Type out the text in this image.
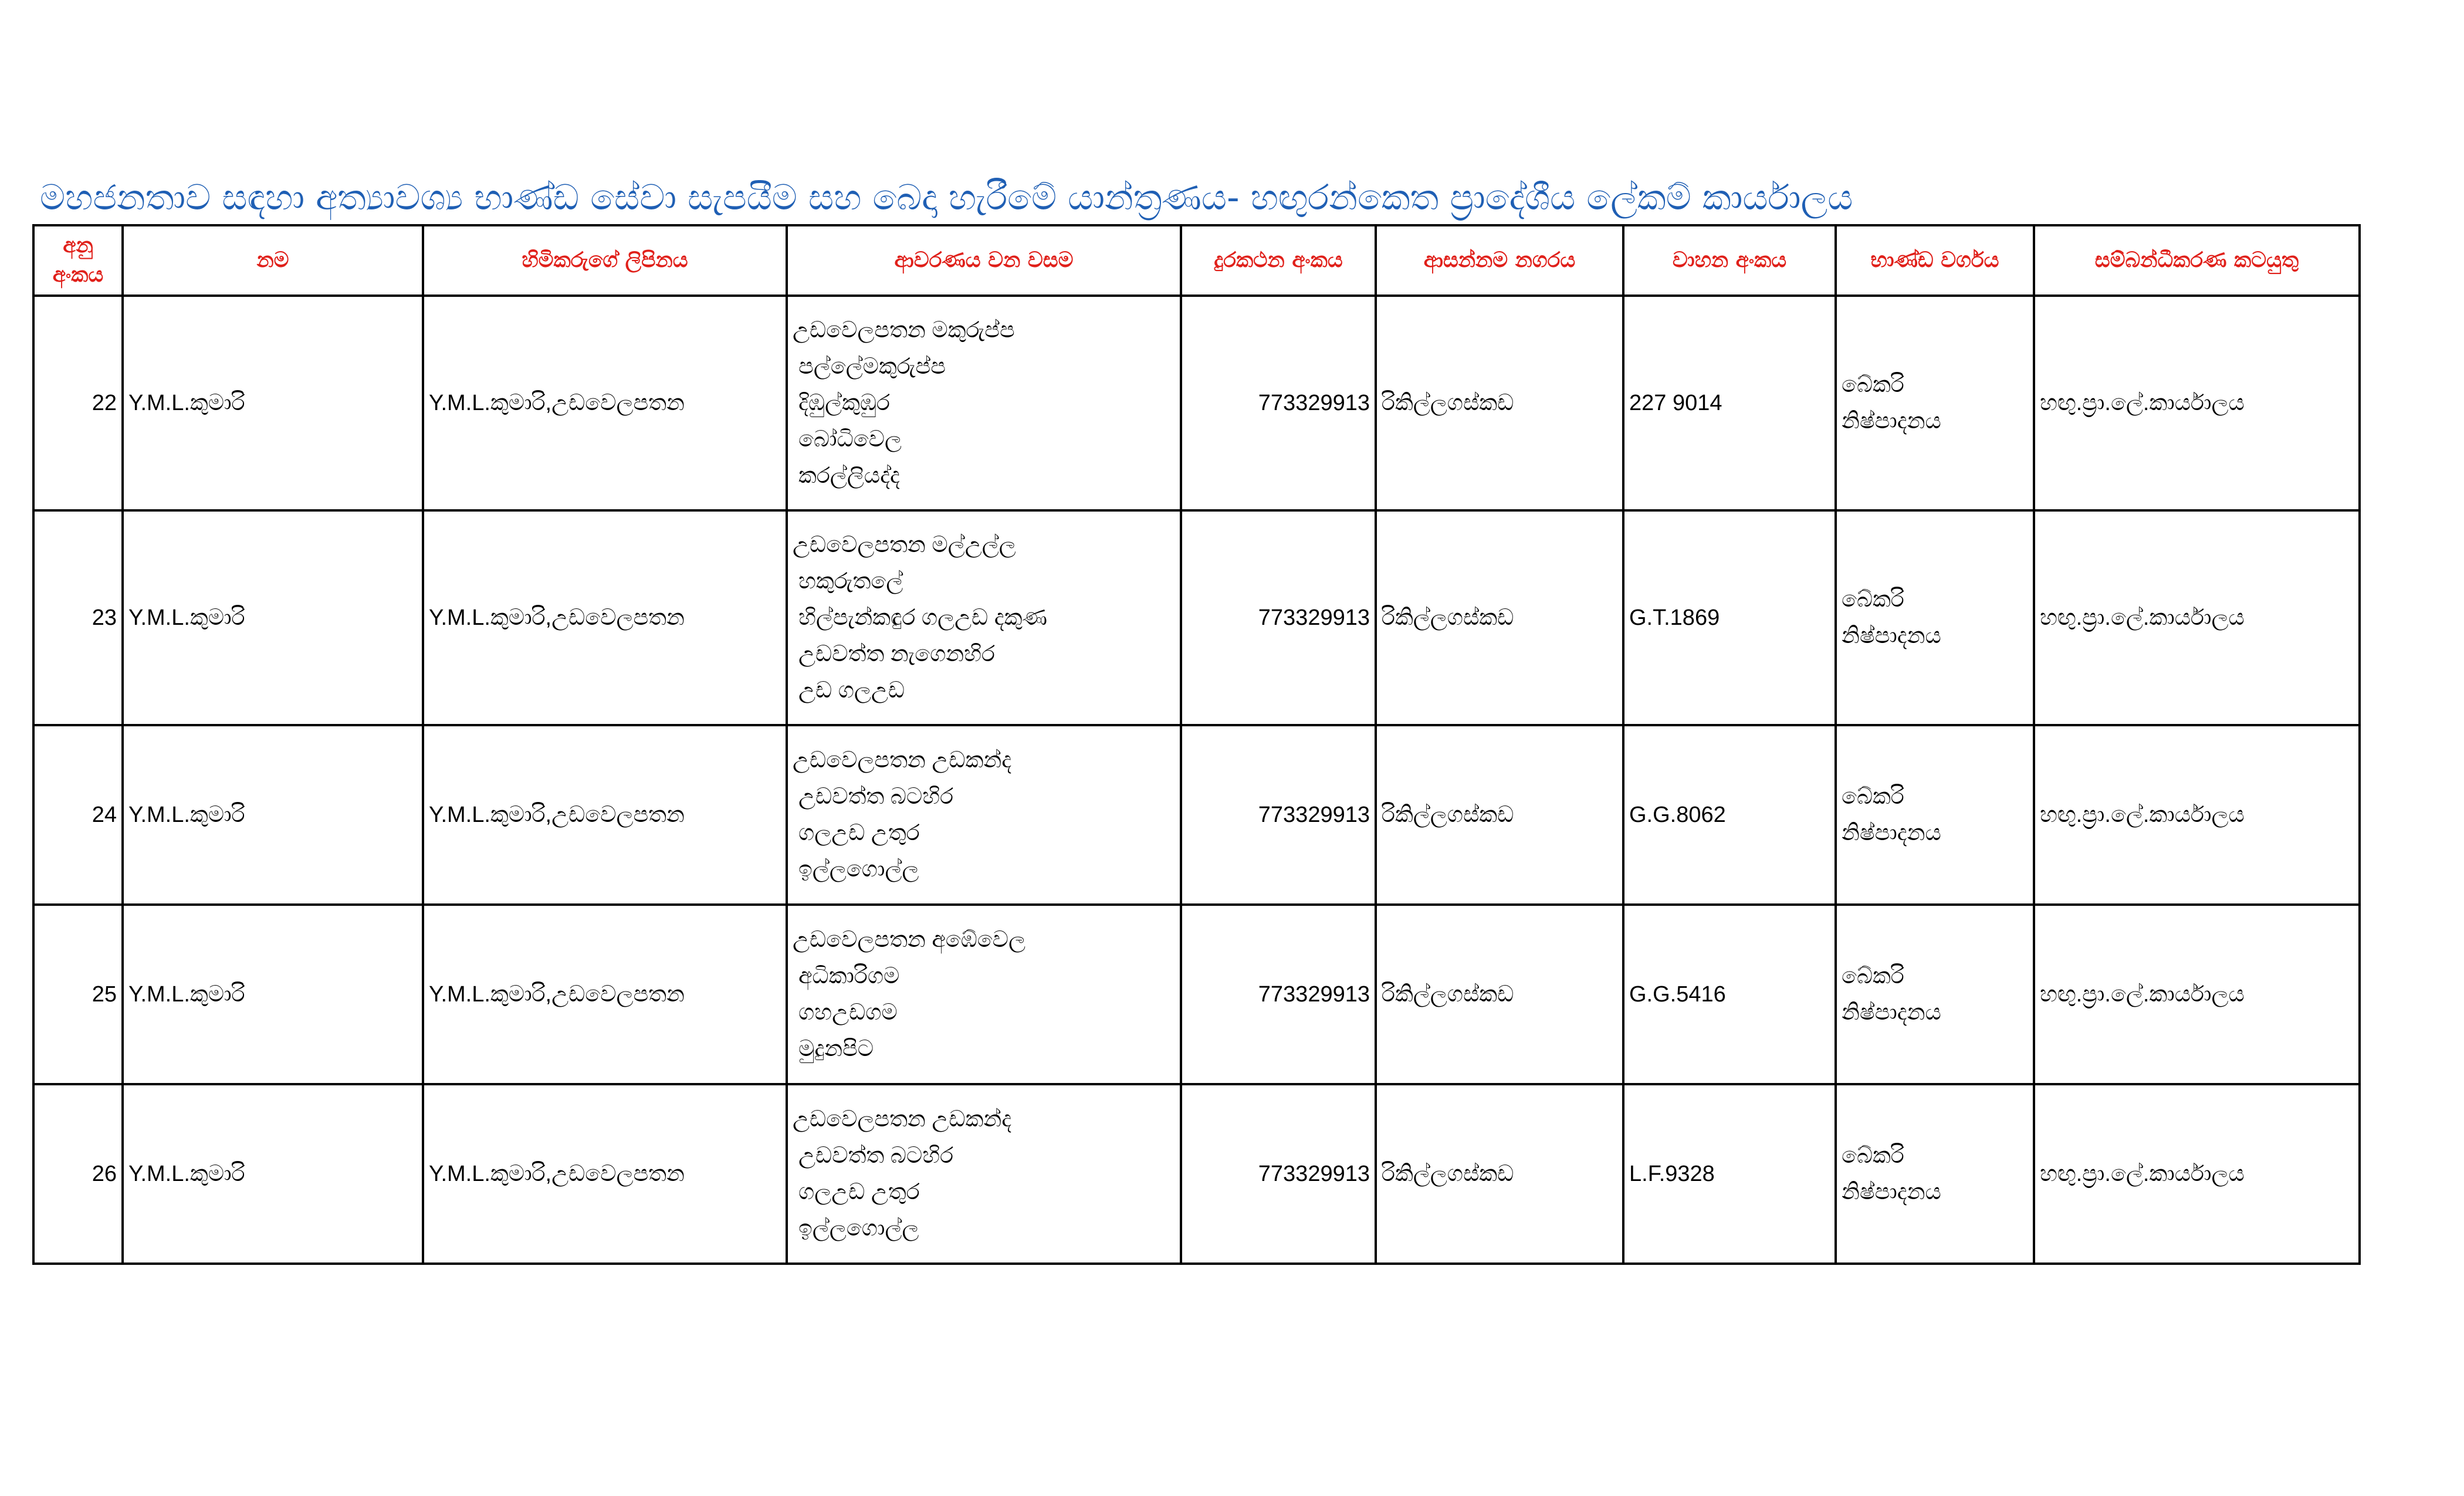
මහජනතාව සඳහා අත්‍යාවශ්‍ය භාණ්ඩ සේවා සැපයීම සහ බෙදා හැරීමේ යාන්ත්‍රණය- හඟුරන්කෙත ප්‍රාදේශීය ලේකම් කාර්යාලය
අනු
අංකය	නම	හිමිකරුගේ ලිපිනය	ආවරණය වන වසම	දුරකථන අංකය	ආසන්නම නගරය	වාහන අංකය	භාණ්ඩ වර්ගය	සම්බන්ධීකරණ කටයුතු
22	Y.M.L.කුමාරි	Y.M.L.කුමාරි,උඩවෙලපතන	උඩවෙලපතන මකුරුප්ප
පල්ලේමකුරුප්ප
දිඹුල්කුඹුර
බෝධිවෙල
කරල්ලියද්ද	773329913	රිකිල්ලගස්කඩ	227 9014	බේකරි
නිෂ්පාදනය	හඟු.ප්‍රා.ලේ.කාර්යාලය
23	Y.M.L.කුමාරි	Y.M.L.කුමාරි,උඩවෙලපතන	උඩවෙලපතන මල්උල්ල
හකුරුතලේ
හිල්පැන්කඳුර ගලඋඩ දකුණ
උඩවත්ත නැගෙනහිර
උඩ ගලඋඩ	773329913	රිකිල්ලගස්කඩ	G.T.1869	බේකරි
නිෂ්පාදනය	හඟු.ප්‍රා.ලේ.කාර්යාලය
24	Y.M.L.කුමාරි	Y.M.L.කුමාරි,උඩවෙලපතන	උඩවෙලපතන උඩකන්ද
උඩවත්ත බටහිර
ගලඋඩ උතුර
ඉල්ලගොල්ල	773329913	රිකිල්ලගස්කඩ	G.G.8062	බේකරි
නිෂ්පාදනය	හඟු.ප්‍රා.ලේ.කාර්යාලය
25	Y.M.L.කුමාරි	Y.M.L.කුමාරි,උඩවෙලපතන	උඩවෙලපතන අඹේවෙල
අධිකාරිගම
ගහඋඩගම
මුදුනපිට	773329913	රිකිල්ලගස්කඩ	G.G.5416	බේකරි
නිෂ්පාදනය	හඟු.ප්‍රා.ලේ.කාර්යාලය
26	Y.M.L.කුමාරි	Y.M.L.කුමාරි,උඩවෙලපතන	උඩවෙලපතන උඩකන්ද
උඩවත්ත බටහිර
ගලඋඩ උතුර
ඉල්ලගොල්ල	773329913	රිකිල්ලගස්කඩ	L.F.9328	බේකරි
නිෂ්පාදනය	හඟු.ප්‍රා.ලේ.කාර්යාලය
